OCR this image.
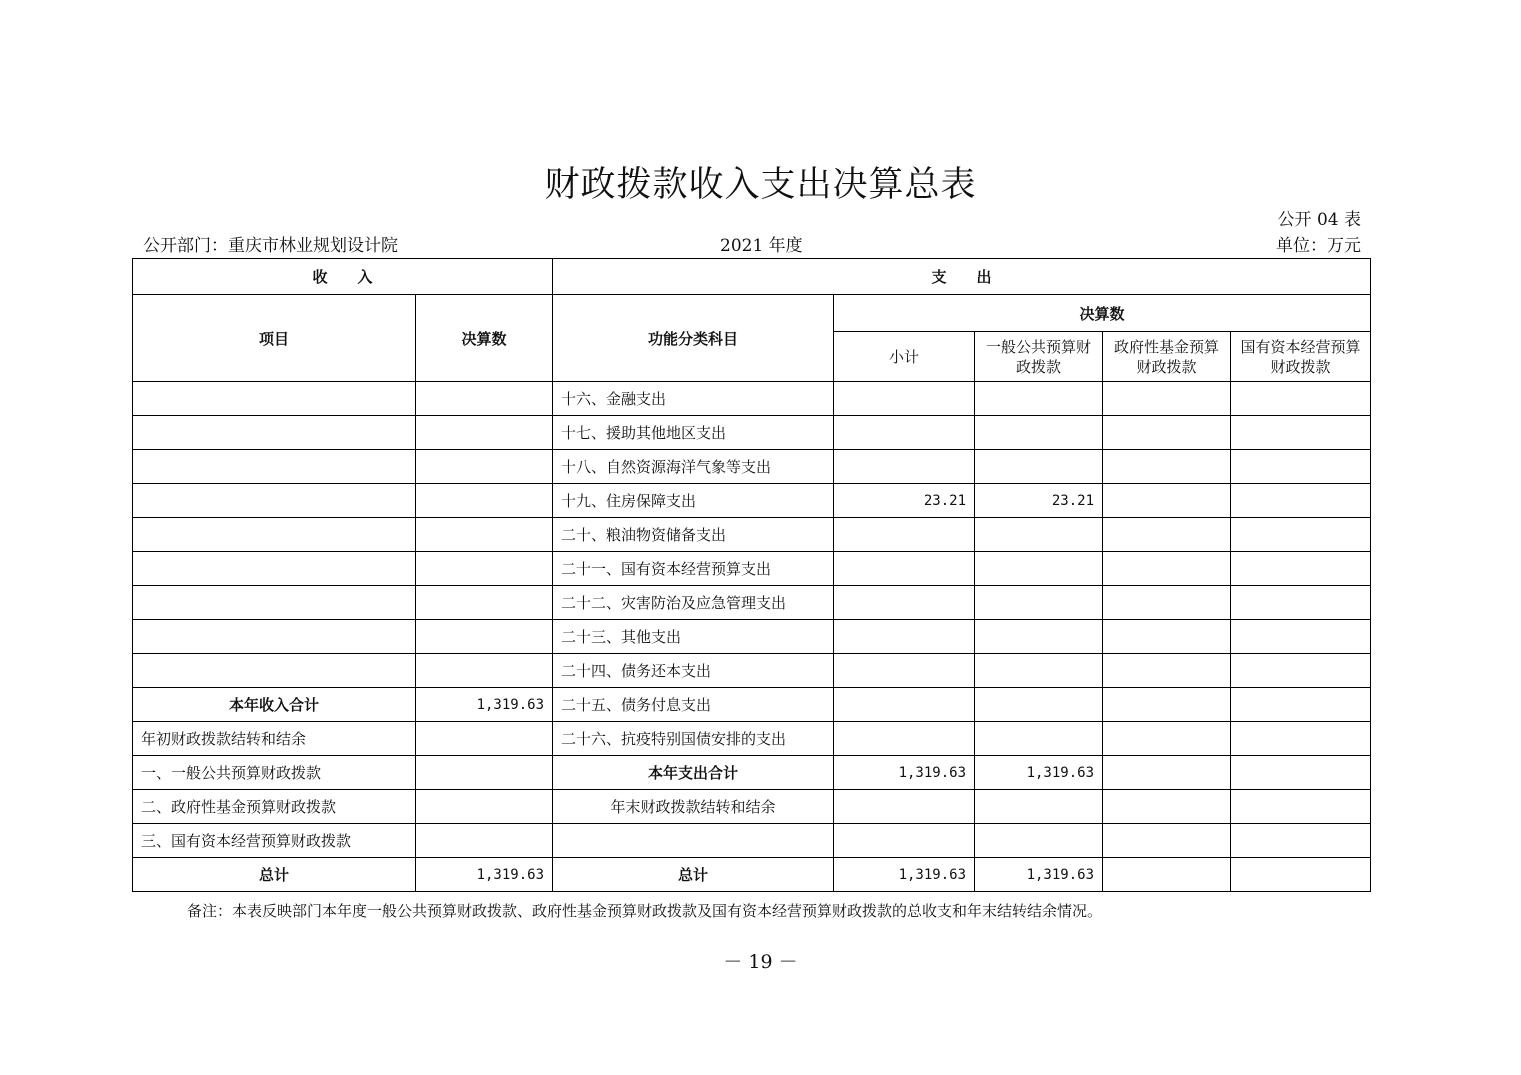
财政拨款收入支出决算总表
公开 04 表
公开部门：重庆市林业规划设计院	2021 年度	单位：万元
收　　入		支　　出				
项目	决算数	功能分类科目	决算数			
			小计	一般公共预算财政拨款	政府性基金预算财政拨款	国有资本经营预算财政拨款
		十六、金融支出				
		十七、援助其他地区支出				
		十八、自然资源海洋气象等支出				
		十九、住房保障支出	23.21	23.21		
		二十、粮油物资储备支出				
		二十一、国有资本经营预算支出				
		二十二、灾害防治及应急管理支出				
		二十三、其他支出				
		二十四、债务还本支出				
本年收入合计	1,319.63	二十五、债务付息支出				
年初财政拨款结转和结余		二十六、抗疫特别国债安排的支出				
一、一般公共预算财政拨款		本年支出合计	1,319.63	1,319.63		
二、政府性基金预算财政拨款		年末财政拨款结转和结余				
三、国有资本经营预算财政拨款						
总计	1,319.63	总计	1,319.63	1,319.63		
备注：本表反映部门本年度一般公共预算财政拨款、政府性基金预算财政拨款及国有资本经营预算财政拨款的总收支和年末结转结余情况。
－ 19 －
